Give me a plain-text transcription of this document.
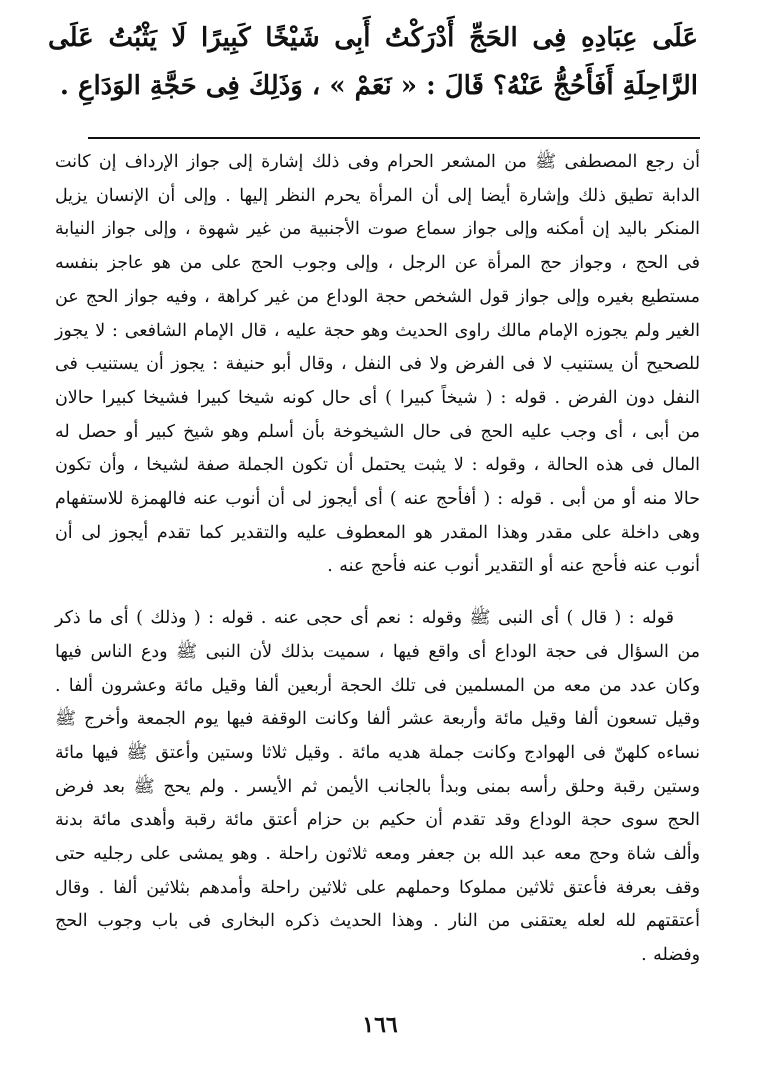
عَلَى عِبَادِهِ فِى الحَجِّ أَدْرَكْتُ أَبِى شَيْخًا كَبِيرًا لَا يَثْبُتُ عَلَى الرَّاحِلَةِ أَفَأَحُجُّ عَنْهُ؟ قَالَ : « نَعَمْ » ، وَذَلِكَ فِى حَجَّةِ الوَدَاعِ .

أن رجع المصطفى ﷺ من المشعر الحرام وفى ذلك إشارة إلى جواز الإرداف إن كانت الدابة تطيق ذلك وإشارة أيضا إلى أن المرأة يحرم النظر إليها . وإلى أن الإنسان يزيل المنكر باليد إن أمكنه وإلى جواز سماع صوت الأجنبية من غير شهوة ، وإلى جواز النيابة فى الحج ، وجواز حج المرأة عن الرجل ، وإلى وجوب الحج على من هو عاجز بنفسه مستطيع بغيره وإلى جواز قول الشخص حجة الوداع من غير كراهة ، وفيه جواز الحج عن الغير ولم يجوزه الإمام مالك راوى الحديث وهو حجة عليه ، قال الإمام الشافعى : لا يجوز للصحيح أن يستنيب لا فى الفرض ولا فى النفل ، وقال أبو حنيفة : يجوز أن يستنيب فى النفل دون الفرض . قوله : ( شيخاً كبيرا ) أى حال كونه شيخا كبيرا فشيخا كبيرا حالان من أبى ، أى وجب عليه الحج فى حال الشيخوخة بأن أسلم وهو شيخ كبير أو حصل له المال فى هذه الحالة ، وقوله : لا يثبت يحتمل أن تكون الجملة صفة لشيخا ، وأن تكون حالا منه أو من أبى . قوله : ( أفأحج عنه ) أى أيجوز لى أن أنوب عنه فالهمزة للاستفهام وهى داخلة على مقدر وهذا المقدر هو المعطوف عليه والتقدير كما تقدم أيجوز لى أن أنوب عنه فأحج عنه أو التقدير أنوب عنه فأحج عنه .

قوله : ( قال ) أى النبى ﷺ وقوله : نعم أى حجى عنه . قوله : ( وذلك ) أى ما ذكر من السؤال فى حجة الوداع أى واقع فيها ، سميت بذلك لأن النبى ﷺ ودع الناس فيها وكان عدد من معه من المسلمين فى تلك الحجة أربعين ألفا وقيل مائة وعشرون ألفا . وقيل تسعون ألفا وقيل مائة وأربعة عشر ألفا وكانت الوقفة فيها يوم الجمعة وأخرج ﷺ نساءه كلهنّ فى الهوادج وكانت جملة هديه مائة . وقيل ثلاثا وستين وأعتق ﷺ فيها مائة وستين رقبة وحلق رأسه بمنى وبدأ بالجانب الأيمن ثم الأيسر . ولم يحج ﷺ بعد فرض الحج سوى حجة الوداع وقد تقدم أن حكيم بن حزام أعتق مائة رقبة وأهدى مائة بدنة وألف شاة وحج معه عبد الله بن جعفر ومعه ثلاثون راحلة . وهو يمشى على رجليه حتى وقف بعرفة فأعتق ثلاثين مملوكا وحملهم على ثلاثين راحلة وأمدهم بثلاثين ألفا . وقال أعتقتهم لله لعله يعتقنى من النار . وهذا الحديث ذكره البخارى فى باب وجوب الحج وفضله .

١٦٦
